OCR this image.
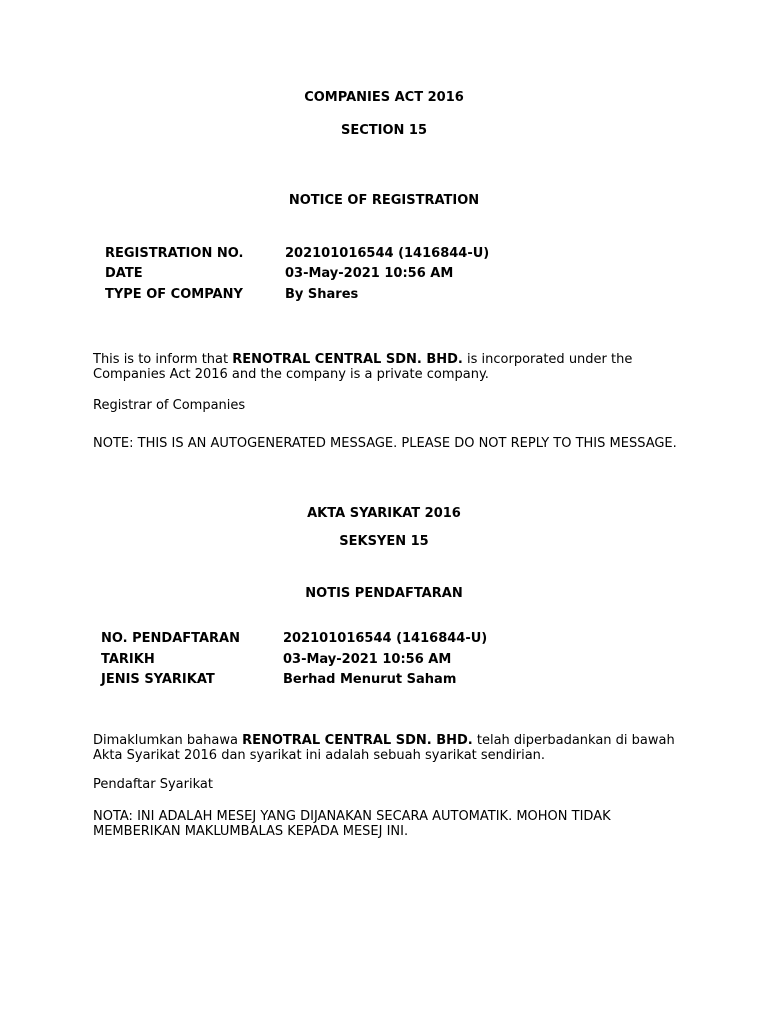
COMPANIES ACT 2016
SECTION 15
NOTICE OF REGISTRATION
REGISTRATION NO.	202101016544 (1416844-U)
DATE	03-May-2021 10:56 AM
TYPE OF COMPANY	By Shares
This is to inform that RENOTRAL CENTRAL SDN. BHD. is incorporated under the Companies Act 2016 and the company is a private company.
Registrar of Companies
NOTE: THIS IS AN AUTOGENERATED MESSAGE. PLEASE DO NOT REPLY TO THIS MESSAGE.
AKTA SYARIKAT 2016
SEKSYEN 15
NOTIS PENDAFTARAN
NO. PENDAFTARAN	202101016544 (1416844-U)
TARIKH	03-May-2021 10:56 AM
JENIS SYARIKAT	Berhad Menurut Saham
Dimaklumkan bahawa RENOTRAL CENTRAL SDN. BHD. telah diperbadankan di bawah Akta Syarikat 2016 dan syarikat ini adalah sebuah syarikat sendirian.
Pendaftar Syarikat
NOTA: INI ADALAH MESEJ YANG DIJANAKAN SECARA AUTOMATIK. MOHON TIDAK MEMBERIKAN MAKLUMBALAS KEPADA MESEJ INI.
